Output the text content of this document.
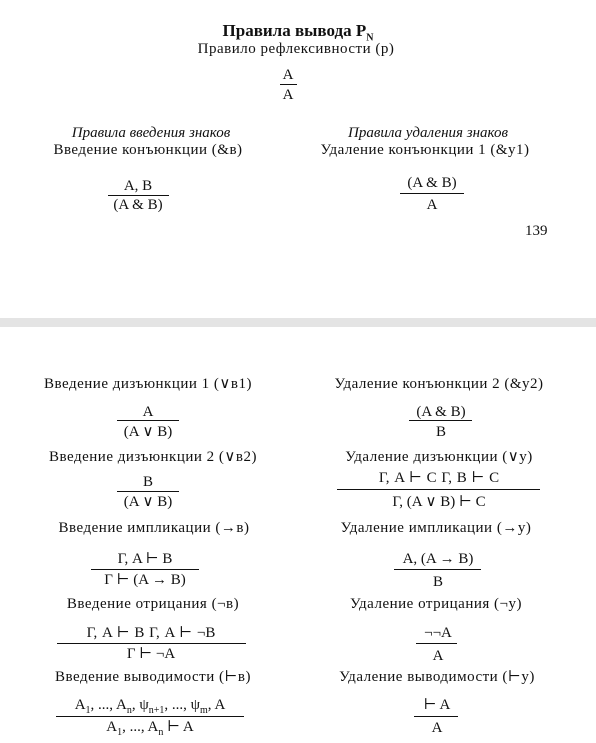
Правила вывода $P_N$
Правило рефлексивности (р)
A
A
Правила введения знаков	Правила удаления знаков
Введение конъюнкции (&в)	Удаление конъюнкции 1 (&у1)
A, B
(A & B)
(A & B)
A
139
Введение дизъюнкции 1 (∨в1)	Удаление конъюнкции 2 (&у2)
A
(A ∨ B)
(A & B)
B
Введение дизъюнкции 2 (∨в2)	Удаление дизъюнкции (∨у)
B
(A ∨ B)
Γ, A ⊢ C Γ, B ⊢ C
Γ, (A ∨ B) ⊢ C
Введение импликации (→в)	Удаление импликации (→у)
Γ, A ⊢ B
Γ ⊢ (A → B)
A, (A → B)
B
Введение отрицания (¬в)	Удаление отрицания (¬у)
Γ, A ⊢ B Γ, A ⊢ ¬B
Γ ⊢ ¬A
¬¬A
A
Введение выводимости (⊢в)	Удаление выводимости (⊢у)
$A_1$, ..., $A_n$, $\psi_{n+1}$, ..., $\psi_m$, A
$A_1$, ..., $A_n$ ⊢ A
⊢ A
A
